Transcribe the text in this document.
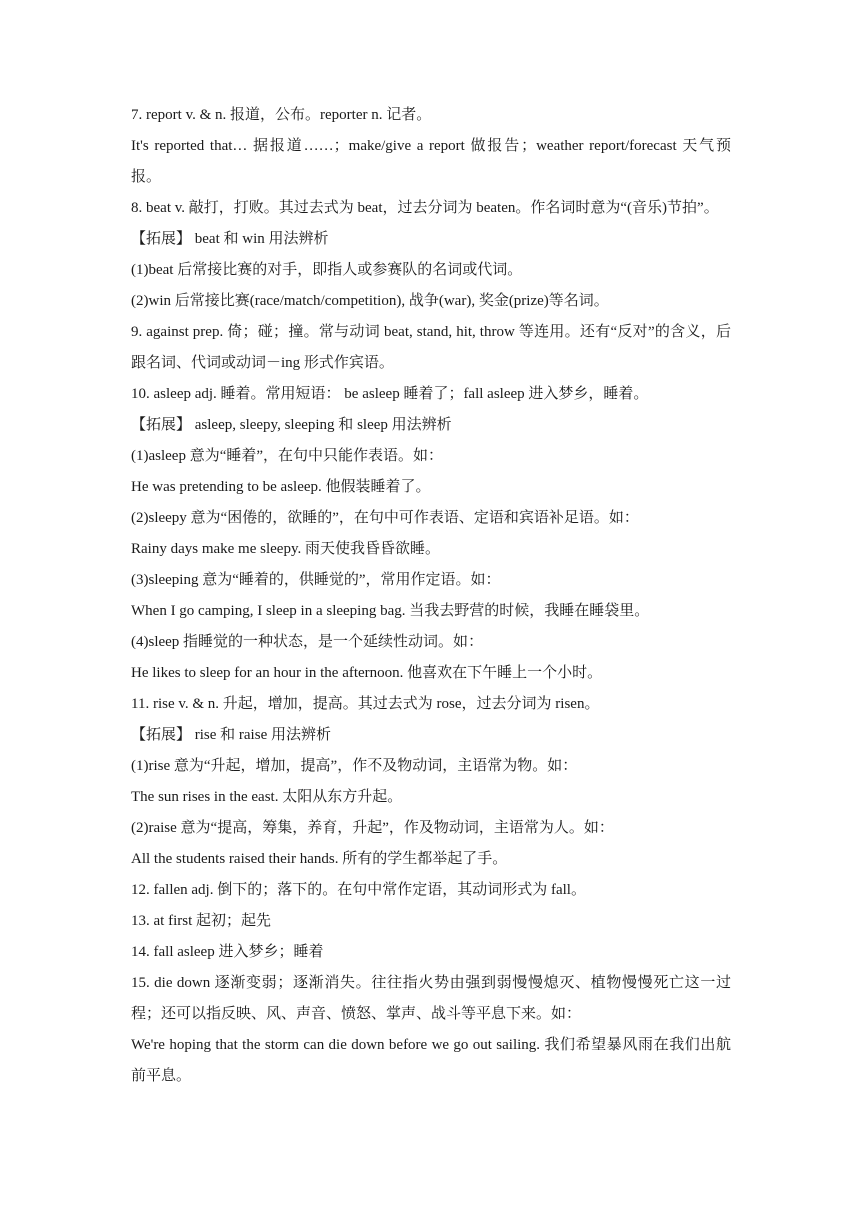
7. report v. & n. 报道，公布。reporter n. 记者。
It's reported that… 据报道……；make/give a report 做报告；weather report/forecast 天气预报。
8. beat v. 敲打，打败。其过去式为 beat，过去分词为 beaten。作名词时意为“(音乐)节拍”。
【拓展】 beat 和 win 用法辨析
(1)beat 后常接比赛的对手，即指人或参赛队的名词或代词。
(2)win 后常接比赛(race/match/competition), 战争(war), 奖金(prize)等名词。
9. against prep. 倚；碰；撞。常与动词 beat, stand, hit, throw 等连用。还有“反对”的含义，后跟名词、代词或动词－ing 形式作宾语。
10. asleep adj. 睡着。常用短语： be asleep 睡着了；fall asleep 进入梦乡，睡着。
【拓展】 asleep, sleepy, sleeping 和 sleep 用法辨析
(1)asleep 意为“睡着”，在句中只能作表语。如：
He was pretending to be asleep. 他假装睡着了。
(2)sleepy 意为“困倦的，欲睡的”，在句中可作表语、定语和宾语补足语。如：
Rainy days make me sleepy. 雨天使我昏昏欲睡。
(3)sleeping 意为“睡着的，供睡觉的”，常用作定语。如：
When I go camping, I sleep in a sleeping bag. 当我去野营的时候，我睡在睡袋里。
(4)sleep 指睡觉的一种状态，是一个延续性动词。如：
He likes to sleep for an hour in the afternoon. 他喜欢在下午睡上一个小时。
11. rise v. & n. 升起，增加，提高。其过去式为 rose，过去分词为 risen。
【拓展】 rise 和 raise 用法辨析
(1)rise 意为“升起，增加，提高”，作不及物动词，主语常为物。如：
The sun rises in the east. 太阳从东方升起。
(2)raise 意为“提高，筹集，养育，升起”，作及物动词，主语常为人。如：
All the students raised their hands. 所有的学生都举起了手。
12. fallen adj. 倒下的；落下的。在句中常作定语，其动词形式为 fall。
13. at first 起初；起先
14. fall asleep 进入梦乡；睡着
15. die down 逐渐变弱；逐渐消失。往往指火势由强到弱慢慢熄灭、植物慢慢死亡这一过程；还可以指反映、风、声音、愤怒、掌声、战斗等平息下来。如：
We're hoping that the storm can die down before we go out sailing. 我们希望暴风雨在我们出航前平息。
